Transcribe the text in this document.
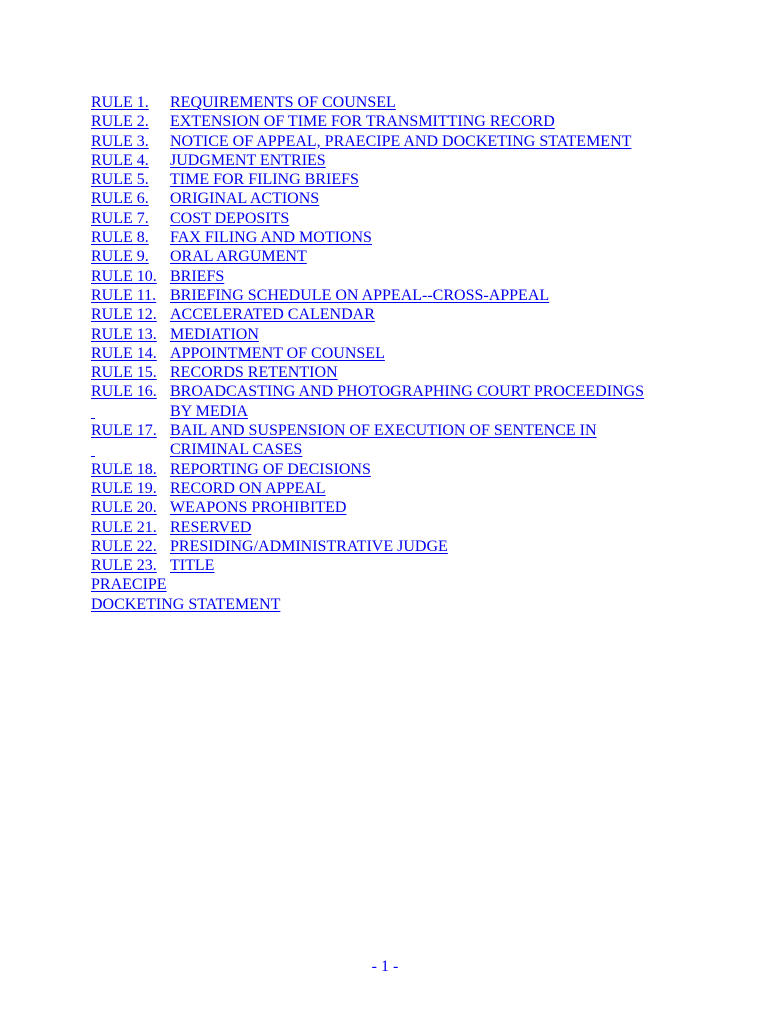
RULE 1.	REQUIREMENTS OF COUNSEL
RULE 2.	EXTENSION OF TIME FOR TRANSMITTING RECORD
RULE 3.	NOTICE OF APPEAL, PRAECIPE AND DOCKETING STATEMENT
RULE 4.	JUDGMENT ENTRIES
RULE 5.	TIME FOR FILING BRIEFS
RULE 6.	ORIGINAL ACTIONS
RULE 7.	COST DEPOSITS
RULE 8.	FAX FILING AND MOTIONS
RULE 9.	ORAL ARGUMENT
RULE 10. BRIEFS
RULE 11. BRIEFING SCHEDULE ON APPEAL--CROSS-APPEAL
RULE 12. ACCELERATED CALENDAR
RULE 13. MEDIATION
RULE 14. APPOINTMENT OF COUNSEL
RULE 15. RECORDS RETENTION
RULE 16. BROADCASTING AND PHOTOGRAPHING COURT PROCEEDINGS

BY MEDIA
RULE 17. BAIL AND SUSPENSION OF EXECUTION OF SENTENCE IN

CRIMINAL CASES
RULE 18. REPORTING OF DECISIONS
RULE 19. RECORD ON APPEAL
RULE 20. WEAPONS PROHIBITED
RULE 21. RESERVED
RULE 22. PRESIDING/ADMINISTRATIVE JUDGE
RULE 23. TITLE
PRAECIPE
DOCKETING STATEMENT
- 1 -
